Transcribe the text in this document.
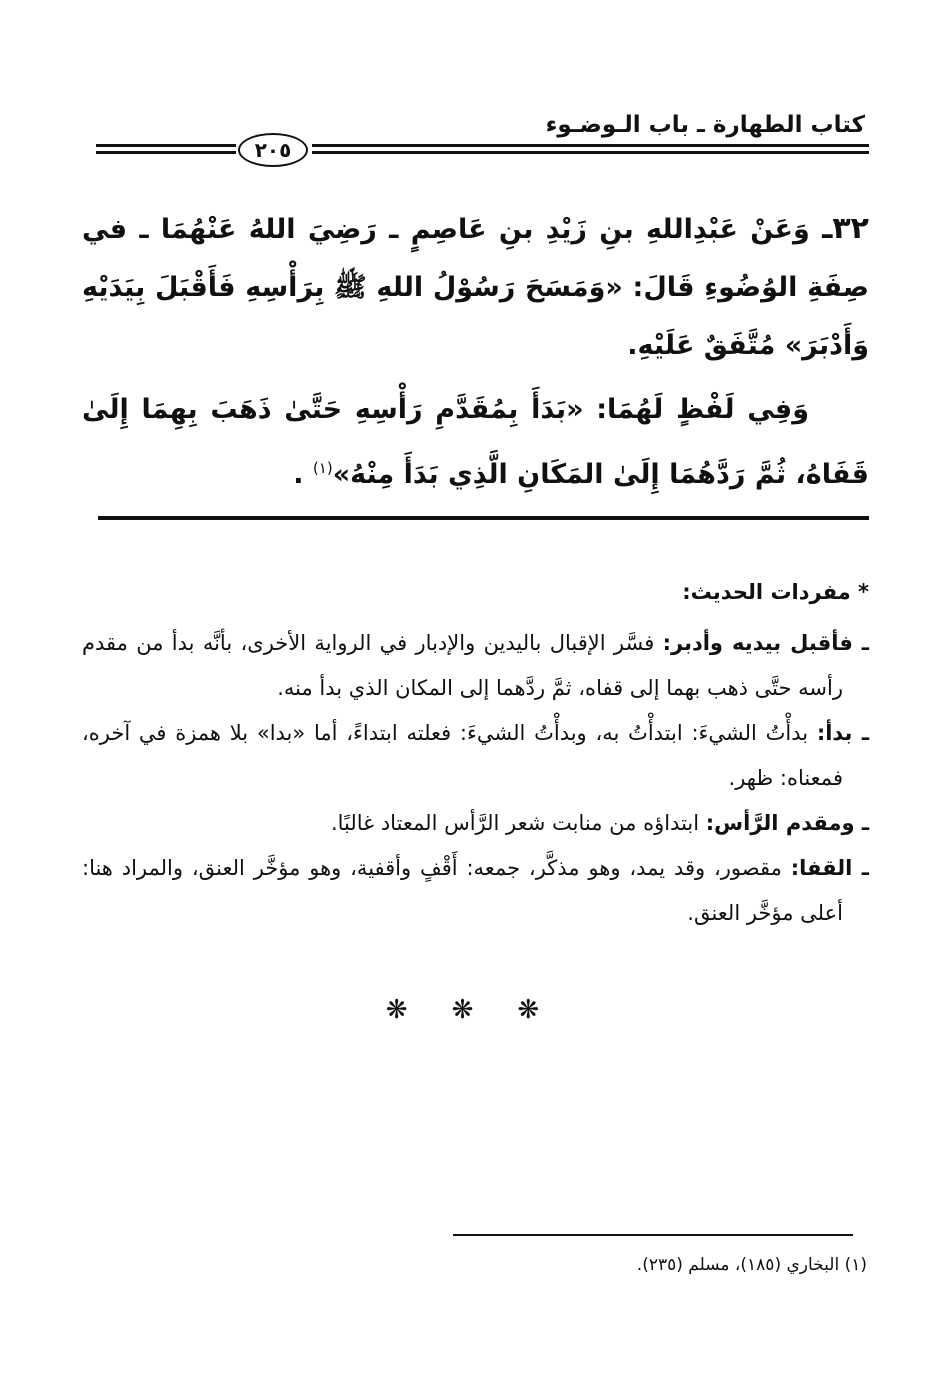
كتاب الطهارة ـ باب الـوضـوء
٢٠٥

٣٢ـ وَعَنْ عَبْدِاللهِ بنِ زَيْدِ بنِ عَاصِمٍ ـ رَضِيَ اللهُ عَنْهُمَا ـ في صِفَةِ الوُضُوءِ قَالَ: «وَمَسَحَ رَسُوْلُ اللهِ ﷺ بِرَأْسِهِ فَأَقْبَلَ بِيَدَيْهِ وَأَدْبَرَ» مُتَّفَقٌ عَلَيْهِ.

وَفِي لَفْظٍ لَهُمَا: «بَدَأَ بِمُقَدَّمِ رَأْسِهِ حَتَّىٰ ذَهَبَ بِهِمَا إِلَىٰ قَفَاهُ، ثُمَّ رَدَّهُمَا إِلَىٰ المَكَانِ الَّذِي بَدَأَ مِنْهُ»$^{(١)}$ .

* مفردات الحديث:

ـ فأقبل بيديه وأدبر: فسَّر الإقبال باليدين والإدبار في الرواية الأخرى، بأنَّه بدأ من مقدم رأسه حتَّى ذهب بهما إلى قفاه، ثمَّ ردَّهما إلى المكان الذي بدأ منه.

ـ بدأ: بدأْتُ الشيءَ: ابتدأْتُ به، وبدأْتُ الشيءَ: فعلته ابتداءً، أما «بدا» بلا همزة في آخره، فمعناه: ظهر.

ـ ومقدم الرَّأس: ابتداؤه من منابت شعر الرَّأس المعتاد غالبًا.

ـ القفا: مقصور، وقد يمد، وهو مذكَّر، جمعه: أَقْفٍ وأقفية، وهو مؤخَّر العنق، والمراد هنا: أعلى مؤخَّر العنق.

❋ ❋ ❋
(١) البخاري (١٨٥)، مسلم (٢٣٥).
